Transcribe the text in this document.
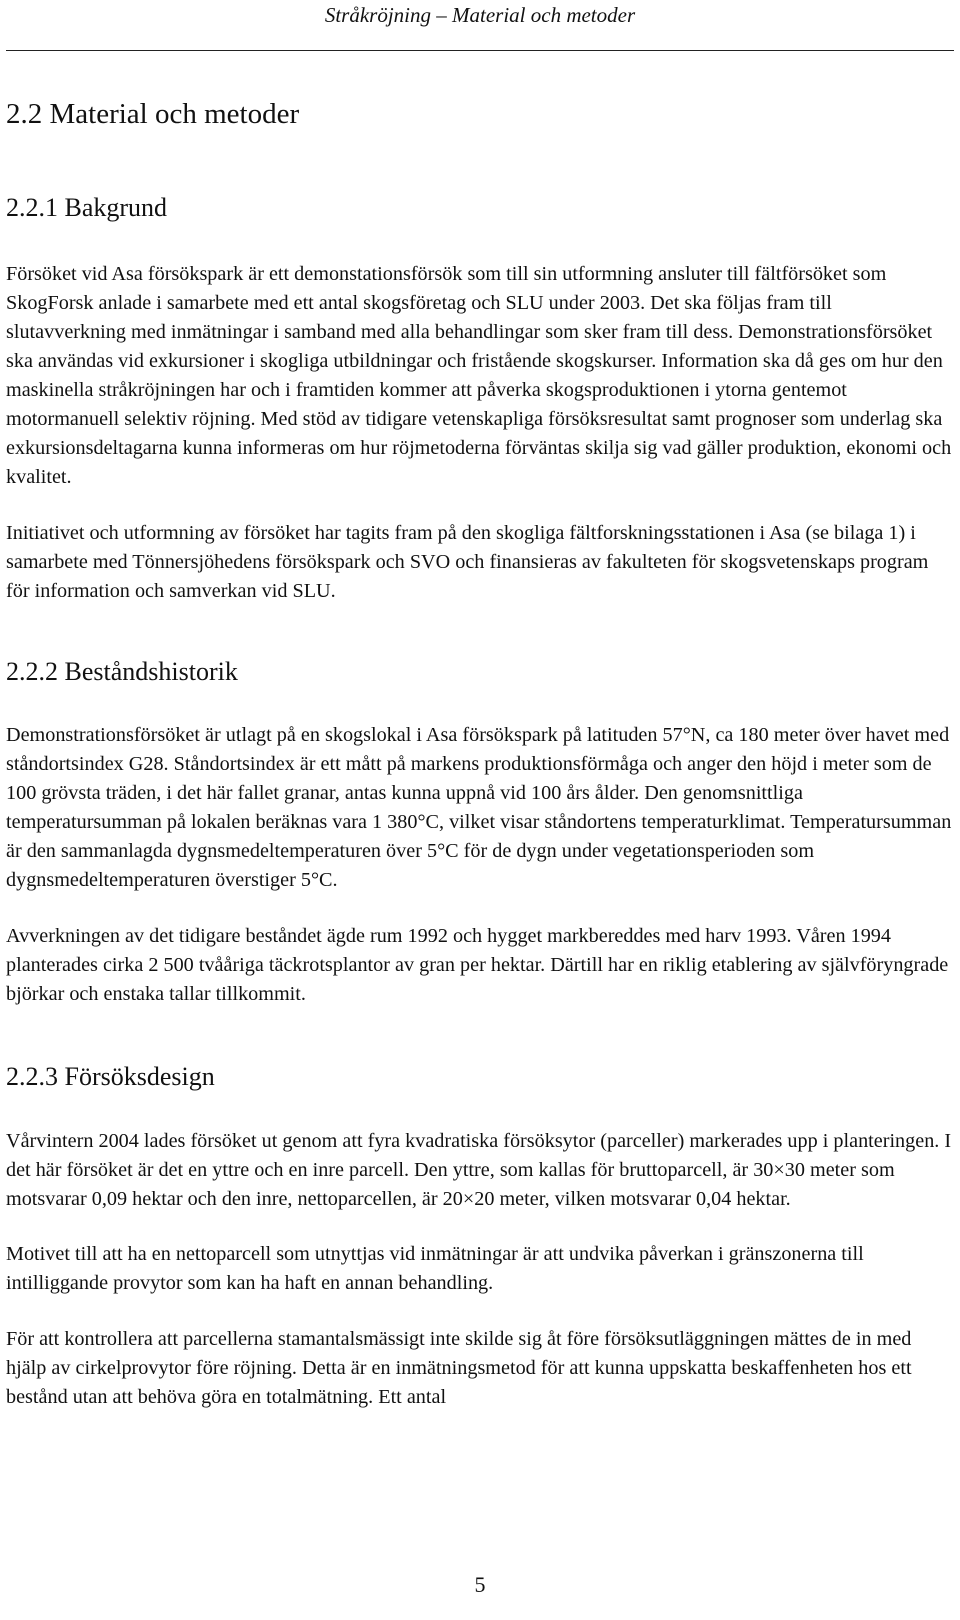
Stråkröjning – Material och metoder
2.2 Material och metoder
2.2.1 Bakgrund

Försöket vid Asa försökspark är ett demonstationsförsök som till sin utformning ansluter till fältförsöket som SkogForsk anlade i samarbete med ett antal skogsföretag och SLU under 2003. Det ska följas fram till slutavverkning med inmätningar i samband med alla behandlingar som sker fram till dess. Demonstrationsförsöket ska användas vid exkursioner i skogliga utbildningar och fristående skogskurser. Information ska då ges om hur den maskinella stråkröjningen har och i framtiden kommer att påverka skogsproduktionen i ytorna gentemot motormanuell selektiv röjning. Med stöd av tidigare vetenskapliga försöksresultat samt prognoser som underlag ska exkursionsdeltagarna kunna informeras om hur röjmetoderna förväntas skilja sig vad gäller produktion, ekonomi och kvalitet.

Initiativet och utformning av försöket har tagits fram på den skogliga fältforskningsstationen i Asa (se bilaga 1) i samarbete med Tönnersjöhedens försökspark och SVO och finansieras av fakulteten för skogsvetenskaps program för information och samverkan vid SLU.

2.2.2 Beståndshistorik

Demonstrationsförsöket är utlagt på en skogslokal i Asa försökspark på latituden 57°N, ca 180 meter över havet med ståndortsindex G28. Ståndortsindex är ett mått på markens produktionsförmåga och anger den höjd i meter som de 100 grövsta träden, i det här fallet granar, antas kunna uppnå vid 100 års ålder. Den genomsnittliga temperatursumman på lokalen beräknas vara 1 380°C, vilket visar ståndortens temperaturklimat. Temperatursumman är den sammanlagda dygnsmedeltemperaturen över 5°C för de dygn under vegetationsperioden som dygnsmedeltemperaturen överstiger 5°C.

Avverkningen av det tidigare beståndet ägde rum 1992 och hygget markbereddes med harv 1993. Våren 1994 planterades cirka 2 500 tvååriga täckrotsplantor av gran per hektar. Därtill har en riklig etablering av självföryngrade björkar och enstaka tallar tillkommit.

2.2.3 Försöksdesign

Vårvintern 2004 lades försöket ut genom att fyra kvadratiska försöksytor (parceller) markerades upp i planteringen. I det här försöket är det en yttre och en inre parcell. Den yttre, som kallas för bruttoparcell, är 30×30 meter som motsvarar 0,09 hektar och den inre, nettoparcellen, är 20×20 meter, vilken motsvarar 0,04 hektar.

Motivet till att ha en nettoparcell som utnyttjas vid inmätningar är att undvika påverkan i gränszonerna till intilliggande provytor som kan ha haft en annan behandling.

För att kontrollera att parcellerna stamantalsmässigt inte skilde sig åt före försöksutläggningen mättes de in med hjälp av cirkelprovytor före röjning. Detta är en inmätningsmetod för att kunna uppskatta beskaffenheten hos ett bestånd utan att behöva göra en totalmätning. Ett antal

5
